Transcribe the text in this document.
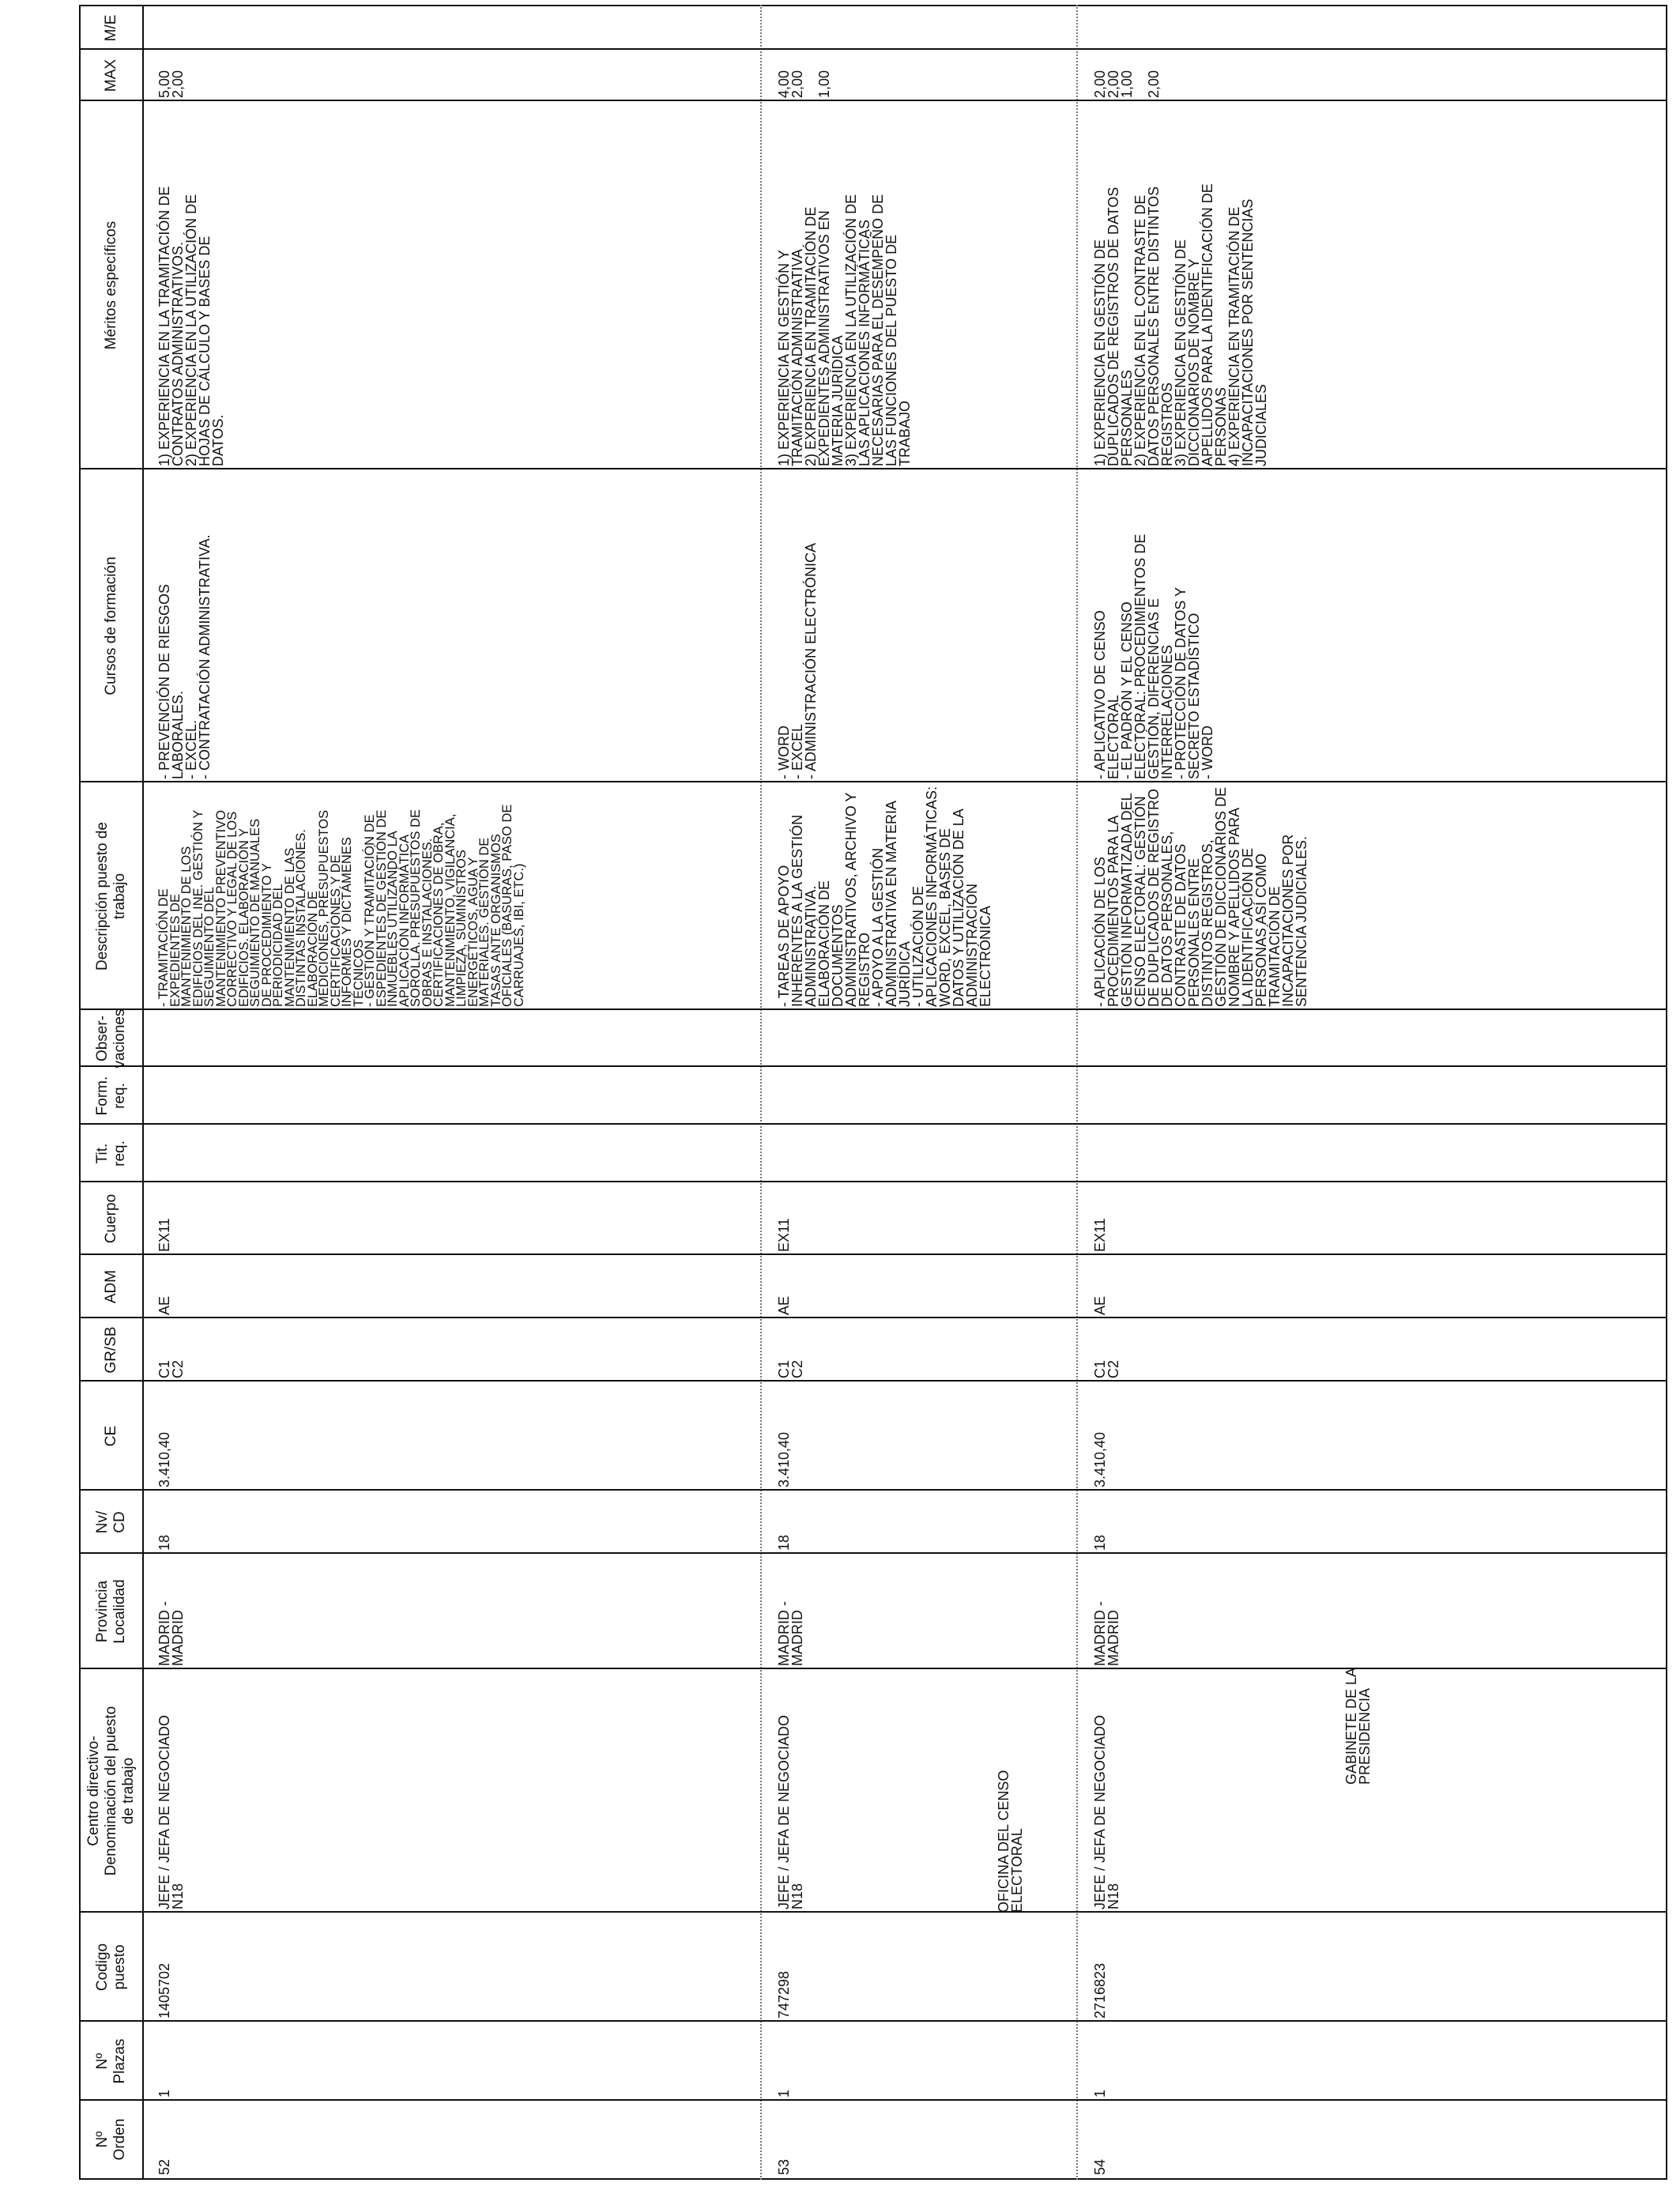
Nº
Orden
Nº
Plazas
Codigo
puesto
Centro directivo-
Denominación del puesto
de trabajo
Provincia
Localidad
Nv/
CD
CE
GR/SB
ADM
Cuerpo
Tit.
req.
Form.
req.
Obser-
vaciones
Descripción puesto de
trabajo
Cursos de formación
Méritos específicos
MAX
M/E
OFICINA DEL CENSO
ELECTORAL
GABINETE DE LA
PRESIDENCIA
52
1
1405702
JEFE / JEFA DE NEGOCIADO
N18
MADRID -
MADRID
18
3.410,40
C1
C2
AE
EX11
- TRAMITACIÓN DE
EXPEDIENTES DE
MANTENIMIENTO DE LOS
EDIFICIOS DEL INE. GESTIÓN Y
SEGUIMIENTO DEL
MANTENIMIENTO PREVENTIVO
CORRECTIVO Y LEGAL DE LOS
EDIFICIOS. ELABORACIÓN Y
SEGUIMIENTO DE MANUALES
DE PROCEDIMIENTO Y
PERIODICIDAD DEL
MANTENIMIENTO DE LAS
DISTINTAS INSTALACIONES.
ELABORACIÓN DE
MEDICIONES, PRESUPUESTOS
CERTIFICACIONES Y DE
INFORMES Y DICTÁMENES
TÉCNICOS
- GESTIÓN Y TRAMITACIÓN DE
ESPEDIENTES DE GESTIÓN DE
INMUEBLES UTILIZANDO LA
APLICACIÓN INFORMÁTICA
SOROLLA. PRESUPUESTOS DE
OBRAS E INSTALACIONES.
CERTIFICACIONES DE OBRA,
MANTENIMIENTO, VIGILANCIA,
LIMPIEZA, SUMINISTROS
ENERGÉTICOS, AGUA Y
MATERIALES. GESTIÓN DE
TASAS ANTE ORGANISMOS
OFICIALES (BASURAS, PASO DE
CARRUAJES, IBI, ETC.)
- PREVENCIÓN DE RIESGOS
LABORALES.
- EXCEL.
- CONTRATACIÓN ADMINISTRATIVA.
1) EXPERIENCIA EN LA TRAMITACIÓN DE
CONTRATOS ADMINISTRATIVOS.
2) EXPERIENCIA EN LA UTILIZACIÓN DE
HOJAS DE CÁLCULO Y BASES DE
DATOS.
5,00
2,00
53
1
747298
JEFE / JEFA DE NEGOCIADO
N18
MADRID -
MADRID
18
3.410,40
C1
C2
AE
EX11
- TAREAS DE APOYO
INHERENTES A LA GESTIÓN
ADMINISTRATIVA.
ELABORACIÓN DE
DOCUMENTOS
ADMINISTRATIVOS, ARCHIVO Y
REGISTRO
- APOYO A LA GESTIÓN
ADMINISTRATIVA EN MATERIA
JURÍDICA
- UTILIZACIÓN DE
APLICACIONES INFORMÁTICAS:
WORD, EXCEL, BASES DE
DATOS Y UTILIZACIÓN DE LA
ADMINISTRACIÓN
ELECTRÓNICA
- WORD
- EXCEL
- ADMINISTRACIÓN ELECTRÓNICA
1) EXPERIENCIA EN GESTIÓN Y
TRAMITACIÓN ADMINISTRATIVA
2) EXPERIENCIA EN TRAMITACIÓN DE
EXPEDIENTES ADMINISTRATIVOS EN
MATERIA JURÍDICA
3) EXPERIENCIA EN LA UTILIZACIÓN DE
LAS APLICACIONES INFORMÁTICAS
NECESARIAS PARA EL DESEMPEÑO DE
LAS FUNCIONES DEL PUESTO DE
TRABAJO
4,00
2,00

1,00
54
1
2716823
JEFE / JEFA DE NEGOCIADO
N18
MADRID -
MADRID
18
3.410,40
C1
C2
AE
EX11
- APLICACIÓN DE LOS
PROCEDIMIENTOS PARA LA
GESTIÓN INFORMATIZADA DEL
CENSO ELECTORAL: GESTIÓN
DE DUPLICADOS DE REGISTRO
DE DATOS PERSONALES,
CONTRASTE DE DATOS
PERSONALES ENTRE
DISTINTOS REGISTROS,
GESTIÓN DE DICCIONARIOS DE
NOMBRE Y APELLIDOS PARA
LA IDENTIFICACIÓN DE
PERSONAS ASÍ COMO
TRAMITACIÓN DE
INCAPACITACIONES POR
SENTENCIA JUDICIALES.
- APLICATIVO DE CENSO
ELECTORAL
- EL PADRÓN Y EL CENSO
ELECTORAL: PROCEDIMIENTOS DE
GESTIÓN, DIFERENCIAS E
INTERRELACIONES
- PROTECCIÓN DE DATOS Y
SECRETO ESTADÍSTICO
- WORD
1) EXPERIENCIA EN GESTIÓN DE
DUPLICADOS DE REGISTROS DE DATOS
PERSONALES
2) EXPERIENCIA EN EL CONTRASTE DE
DATOS PERSONALES ENTRE DISTINTOS
REGISTROS
3) EXPERIENCIA EN GESTIÓN DE
DICCIONARIOS DE NOMBRE Y
APELLIDOS PARA LA IDENTIFICACIÓN DE
PERSONAS
4) EXPERIENCIA EN TRAMITACIÓN DE
INCAPACITACIONES POR SENTENCIAS
JUDICIALES
2,00
2,00
1,00

2,00
